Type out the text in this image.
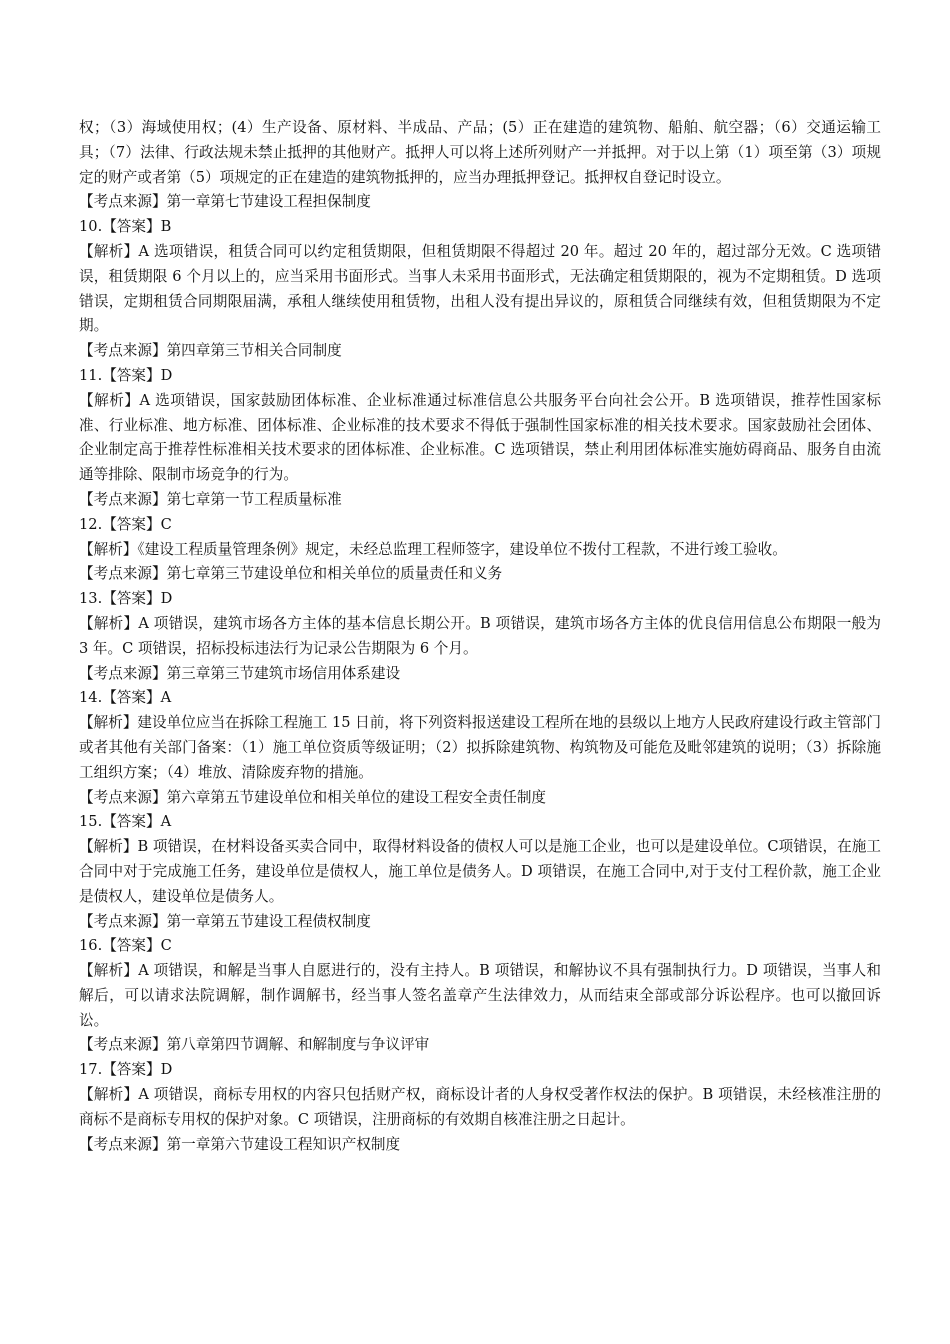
权；（3）海域使用权；(4）生产设备、原材料、半成品、产品；(5）正在建造的建筑物、船舶、航空器；（6）交通运输工具；（7）法律、行政法规未禁止抵押的其他财产。抵押人可以将上述所列财产一并抵押。对于以上第（1）项至第（3）项规定的财产或者第（5）项规定的正在建造的建筑物抵押的，应当办理抵押登记。抵押权自登记时设立。

【考点来源】第一章第七节建设工程担保制度

10.【答案】B

【解析】A 选项错误，租赁合同可以约定租赁期限，但租赁期限不得超过 20 年。超过 20 年的，超过部分无效。C 选项错误，租赁期限 6 个月以上的，应当采用书面形式。当事人未采用书面形式，无法确定租赁期限的，视为不定期租赁。D 选项错误，定期租赁合同期限届满，承租人继续使用租赁物，出租人没有提出异议的，原租赁合同继续有效，但租赁期限为不定期。

【考点来源】第四章第三节相关合同制度

11.【答案】D

【解析】A 选项错误，国家鼓励团体标准、企业标准通过标准信息公共服务平台向社会公开。B 选项错误，推荐性国家标准、行业标准、地方标准、团体标准、企业标准的技术要求不得低于强制性国家标准的相关技术要求。国家鼓励社会团体、企业制定高于推荐性标准相关技术要求的团体标准、企业标准。C 选项错误，禁止利用团体标准实施妨碍商品、服务自由流通等排除、限制市场竞争的行为。

【考点来源】第七章第一节工程质量标准

12.【答案】C

【解析】《建设工程质量管理条例》规定，未经总监理工程师签字，建设单位不拨付工程款，不进行竣工验收。

【考点来源】第七章第三节建设单位和相关单位的质量责任和义务

13.【答案】D

【解析】A 项错误，建筑市场各方主体的基本信息长期公开。B 项错误，建筑市场各方主体的优良信用信息公布期限一般为 3 年。C 项错误，招标投标违法行为记录公告期限为 6 个月。

【考点来源】第三章第三节建筑市场信用体系建设

14.【答案】A

【解析】建设单位应当在拆除工程施工 15 日前，将下列资料报送建设工程所在地的县级以上地方人民政府建设行政主管部门或者其他有关部门备案：（1）施工单位资质等级证明；（2）拟拆除建筑物、构筑物及可能危及毗邻建筑的说明；（3）拆除施工组织方案；（4）堆放、清除废弃物的措施。

【考点来源】第六章第五节建设单位和相关单位的建设工程安全责任制度

15.【答案】A

【解析】B 项错误，在材料设备买卖合同中，取得材料设备的债权人可以是施工企业，也可以是建设单位。C项错误，在施工合同中对于完成施工任务，建设单位是债权人，施工单位是债务人。D 项错误，在施工合同中,对于支付工程价款，施工企业是债权人，建设单位是债务人。

【考点来源】第一章第五节建设工程债权制度

16.【答案】C

【解析】A 项错误，和解是当事人自愿进行的，没有主持人。B 项错误，和解协议不具有强制执行力。D 项错误，当事人和解后，可以请求法院调解，制作调解书，经当事人签名盖章产生法律效力，从而结束全部或部分诉讼程序。也可以撤回诉讼。

【考点来源】第八章第四节调解、和解制度与争议评审

17.【答案】D

【解析】A 项错误，商标专用权的内容只包括财产权，商标设计者的人身权受著作权法的保护。B 项错误，未经核准注册的商标不是商标专用权的保护对象。C 项错误，注册商标的有效期自核准注册之日起计。

【考点来源】第一章第六节建设工程知识产权制度
